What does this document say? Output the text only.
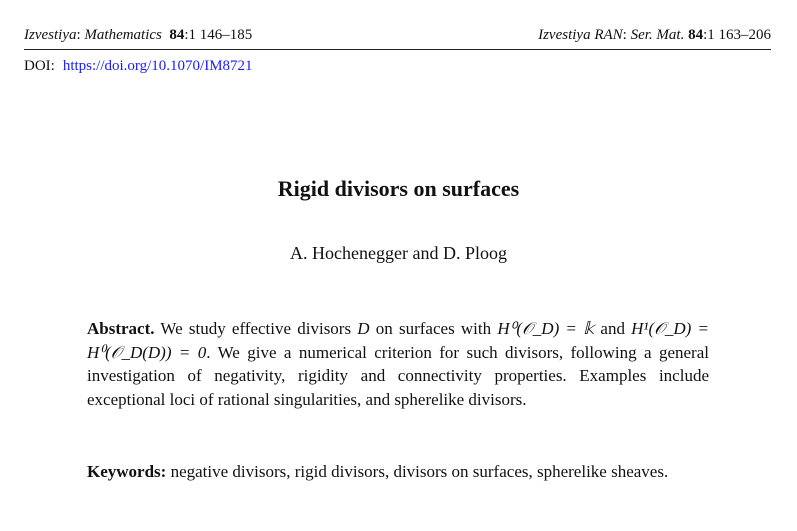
Izvestiya: Mathematics 84:1 146–185	Izvestiya RAN: Ser. Mat. 84:1 163–206
DOI: https://doi.org/10.1070/IM8721
Rigid divisors on surfaces
A. Hochenegger and D. Ploog
Abstract. We study effective divisors D on surfaces with H⁰(𝒪_D) = 𝕜 and H¹(𝒪_D) = H⁰(𝒪_D(D)) = 0. We give a numerical criterion for such divisors, following a general investigation of negativity, rigidity and connectivity properties. Examples include exceptional loci of rational singularities, and spherelike divisors.
Keywords: negative divisors, rigid divisors, divisors on surfaces, spherelike sheaves.
